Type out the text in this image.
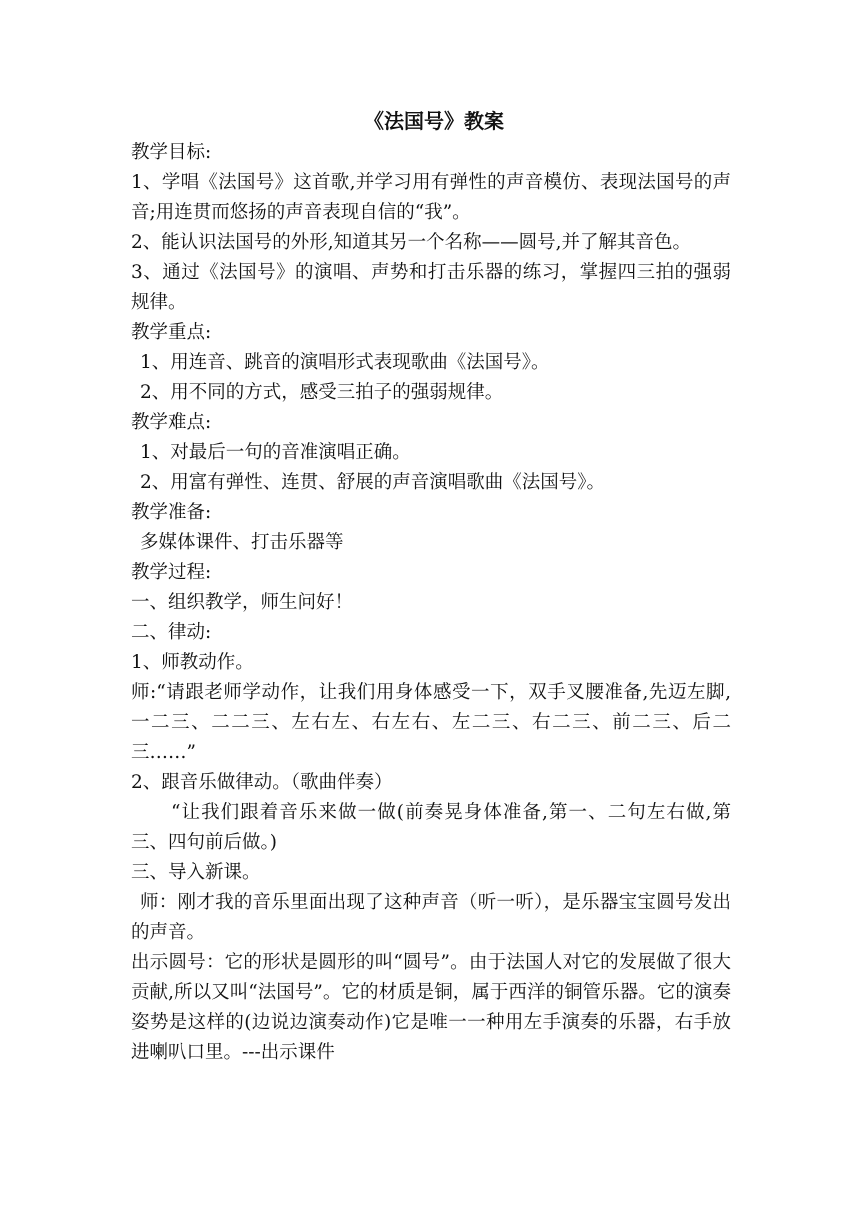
《法国号》教案
教学目标:
1、学唱《法国号》这首歌,并学习用有弹性的声音模仿、表现法国号的声音;用连贯而悠扬的声音表现自信的“我”。
2、能认识法国号的外形,知道其另一个名称——圆号,并了解其音色。
3、通过《法国号》的演唱、声势和打击乐器的练习，掌握四三拍的强弱规律。
教学重点:
1、用连音、跳音的演唱形式表现歌曲《法国号》。
2、用不同的方式，感受三拍子的强弱规律。
教学难点:
1、对最后一句的音准演唱正确。
2、用富有弹性、连贯、舒展的声音演唱歌曲《法国号》。
教学准备:
多媒体课件、打击乐器等
教学过程:
一、组织教学，师生问好！
二、律动:
1、师教动作。
师:“请跟老师学动作，让我们用身体感受一下，双手叉腰准备,先迈左脚,一二三、二二三、左右左、右左右、左二三、右二三、前二三、后二三……”
2、跟音乐做律动。（歌曲伴奏）
“让我们跟着音乐来做一做(前奏晃身体准备,第一、二句左右做,第三、四句前后做。)
三、导入新课。
师：刚才我的音乐里面出现了这种声音（听一听），是乐器宝宝圆号发出的声音。
出示圆号：它的形状是圆形的叫“圆号”。由于法国人对它的发展做了很大贡献,所以又叫“法国号”。它的材质是铜，属于西洋的铜管乐器。它的演奏姿势是这样的(边说边演奏动作)它是唯一一种用左手演奏的乐器，右手放进喇叭口里。---出示课件
